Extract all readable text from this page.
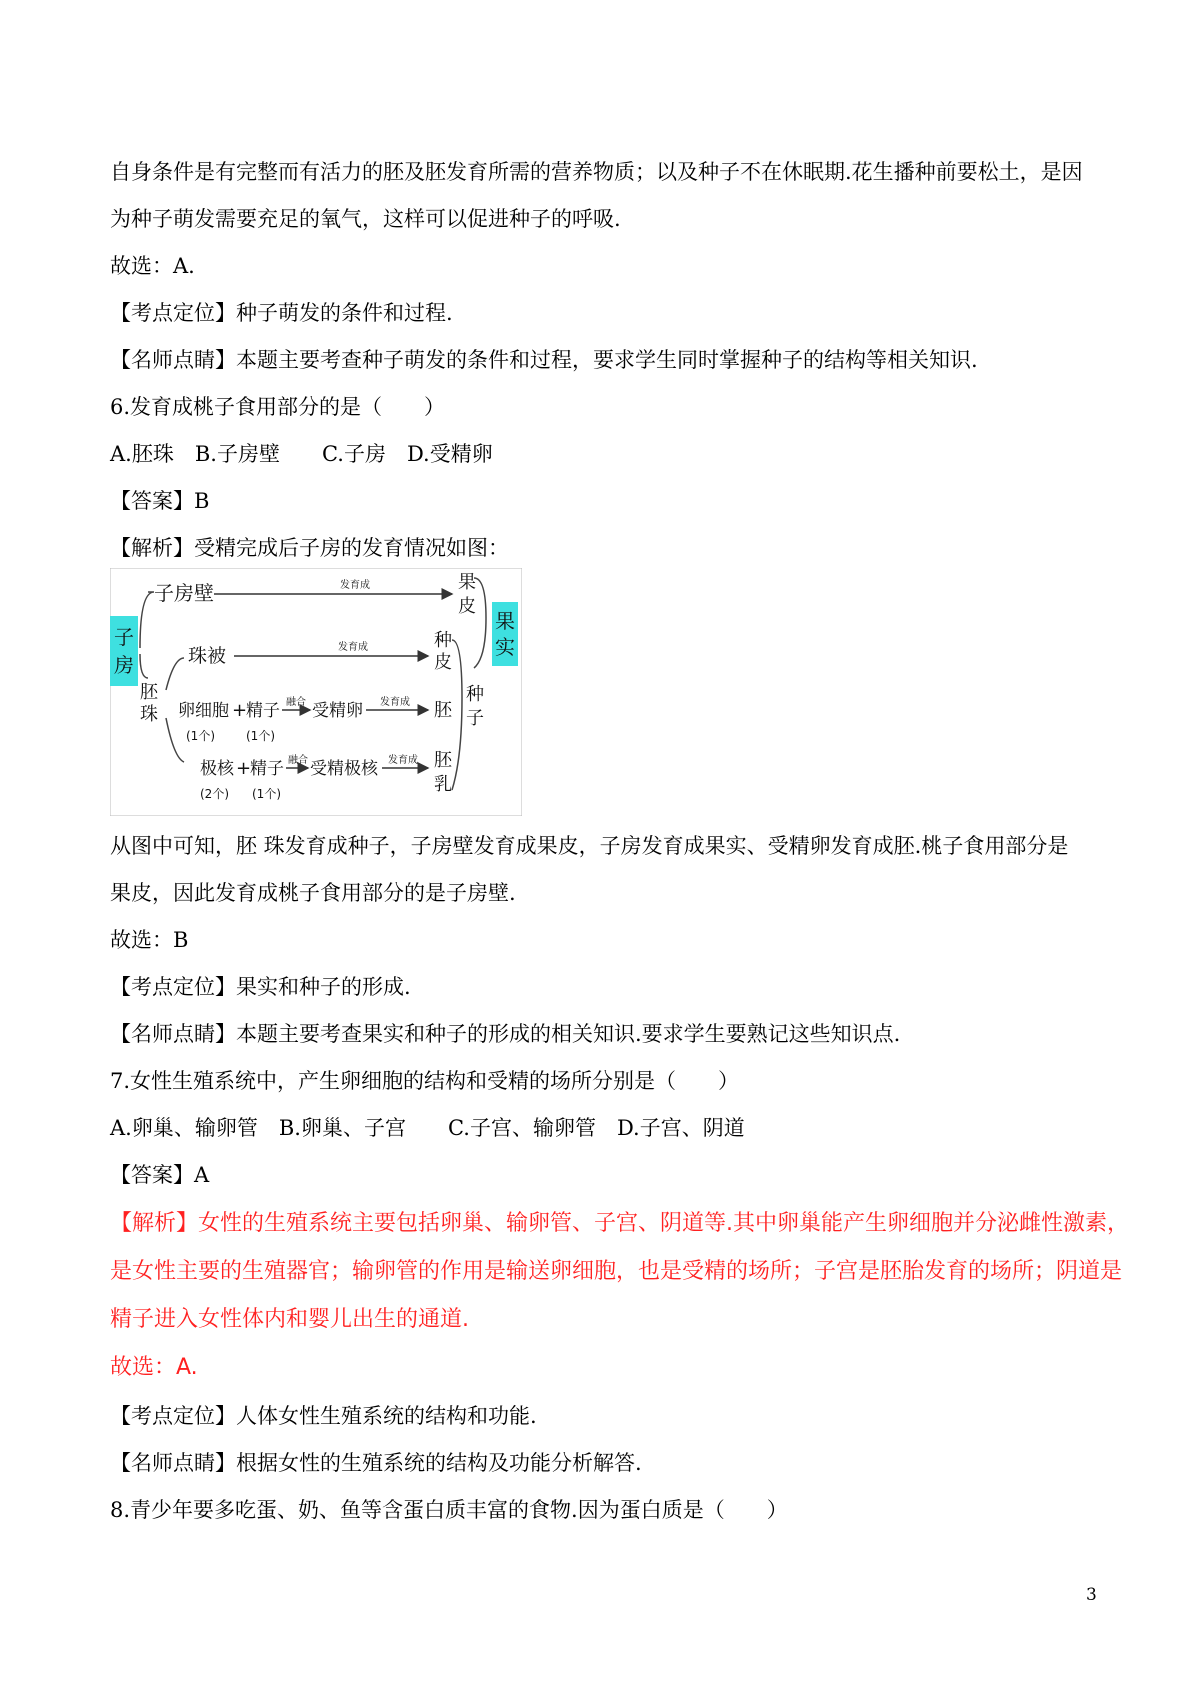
自身条件是有完整而有活力的胚及胚发育所需的营养物质；以及种子不在休眠期.花生播种前要松土，是因
为种子萌发需要充足的氧气，这样可以促进种子的呼吸.
故选：A.
【考点定位】种子萌发的条件和过程.
【名师点睛】本题主要考查种子萌发的条件和过程，要求学生同时掌握种子的结构等相关知识.
6.发育成桃子食用部分的是（　　）
A.胚珠　B.子房壁　　C.子房　D.受精卵
【答案】B
【解析】受精完成后子房的发育情况如图：
子
房
子房壁	发育成	果
皮
胚
珠
珠被	发育成	种
皮
卵细胞 +
精子
(1个)	(1个)
融合 受精卵 发育成 胚
极核 +
精子
(2个) (1个)
融合 受精极核 发育成 胚
乳
种
子
果
实
从图中可知，胚 珠发育成种子，子房壁发育成果皮，子房发育成果实、受精卵发育成胚.桃子食用部分是
果皮，因此发育成桃子食用部分的是子房壁.
故选：B
【考点定位】果实和种子的形成.
【名师点睛】本题主要考查果实和种子的形成的相关知识.要求学生要熟记这些知识点.
7.女性生殖系统中，产生卵细胞的结构和受精的场所分别是（　　）
A.卵巢、输卵管　B.卵巢、子宫　　C.子宫、输卵管　D.子宫、阴道
【答案】A
【解析】女性的生殖系统主要包括卵巢、输卵管、子宫、阴道等.其中卵巢能产生卵细胞并分泌雌性激素，
是女性主要的生殖器官；输卵管的作用是输送卵细胞，也是受精的场所；子宫是胚胎发育的场所；阴道是
精子进入女性体内和婴儿出生的通道.
故选：A.
【考点定位】人体女性生殖系统的结构和功能.
【名师点睛】根据女性的生殖系统的结构及功能分析解答.
8.青少年要多吃蛋、奶、鱼等含蛋白质丰富的食物.因为蛋白质是（　　）
3
